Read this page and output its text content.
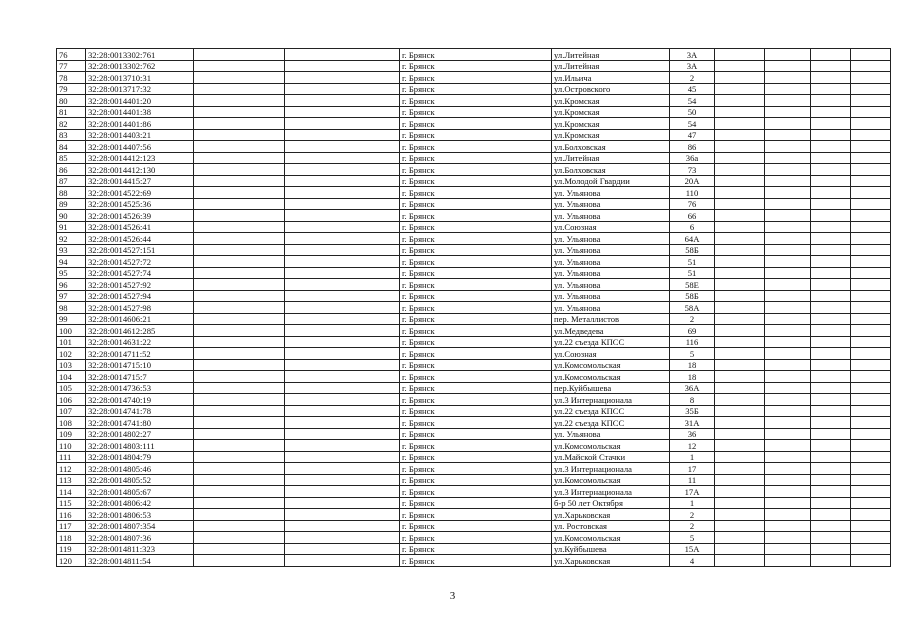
76	32:28:0013302:761			г. Брянск	ул.Литейная	3А				
77	32:28:0013302:762			г. Брянск	ул.Литейная	3А				
78	32:28:0013710:31			г. Брянск	ул.Ильича	2				
79	32:28:0013717:32			г. Брянск	ул.Островского	45				
80	32:28:0014401:20			г. Брянск	ул.Кромская	54				
81	32:28:0014401:38			г. Брянск	ул.Кромская	50				
82	32:28:0014401:86			г. Брянск	ул.Кромская	54				
83	32:28:0014403:21			г. Брянск	ул.Кромская	47				
84	32:28:0014407:56			г. Брянск	ул.Болховская	86				
85	32:28:0014412:123			г. Брянск	ул.Литейная	36а				
86	32:28:0014412:130			г. Брянск	ул.Болховская	73				
87	32:28:0014415:27			г. Брянск	ул.Молодой Гвардии	20А				
88	32:28:0014522:69			г. Брянск	ул. Ульянова	110				
89	32:28:0014525:36			г. Брянск	ул. Ульянова	76				
90	32:28:0014526:39			г. Брянск	ул. Ульянова	66				
91	32:28:0014526:41			г. Брянск	ул.Союзная	6				
92	32:28:0014526:44			г. Брянск	ул. Ульянова	64А				
93	32:28:0014527:151			г. Брянск	ул. Ульянова	58Б				
94	32:28:0014527:72			г. Брянск	ул. Ульянова	51				
95	32:28:0014527:74			г. Брянск	ул. Ульянова	51				
96	32:28:0014527:92			г. Брянск	ул. Ульянова	58Е				
97	32:28:0014527:94			г. Брянск	ул. Ульянова	58Б				
98	32:28:0014527:98			г. Брянск	ул. Ульянова	58А				
99	32:28:0014606:21			г. Брянск	пер. Металлистов	2				
100	32:28:0014612:285			г. Брянск	ул.Медведева	69				
101	32:28:0014631:22			г. Брянск	ул.22 съезда КПСС	116				
102	32:28:0014711:52			г. Брянск	ул.Союзная	5				
103	32:28:0014715:10			г. Брянск	ул.Комсомольская	18				
104	32:28:0014715:7			г. Брянск	ул.Комсомольская	18				
105	32:28:0014736:53			г. Брянск	пер.Куйбышева	36А				
106	32:28:0014740:19			г. Брянск	ул.3 Интернационала	8				
107	32:28:0014741:78			г. Брянск	ул.22 съезда КПСС	35Б				
108	32:28:0014741:80			г. Брянск	ул.22 съезда КПСС	31А				
109	32:28:0014802:27			г. Брянск	ул. Ульянова	36				
110	32:28:0014803:111			г. Брянск	ул.Комсомольская	12				
111	32:28:0014804:79			г. Брянск	ул.Майской Стачки	1				
112	32:28:0014805:46			г. Брянск	ул.3 Интернационала	17				
113	32:28:0014805:52			г. Брянск	ул.Комсомольская	11				
114	32:28:0014805:67			г. Брянск	ул.3 Интернационала	17А				
115	32:28:0014806:42			г. Брянск	б-р 50 лет Октября	1				
116	32:28:0014806:53			г. Брянск	ул.Харьковская	2				
117	32:28:0014807:354			г. Брянск	ул. Ростовская	2				
118	32:28:0014807:36			г. Брянск	ул.Комсомольская	5				
119	32:28:0014811:323			г. Брянск	ул.Куйбышева	15А				
120	32:28:0014811:54			г. Брянск	ул.Харьковская	4				
3
